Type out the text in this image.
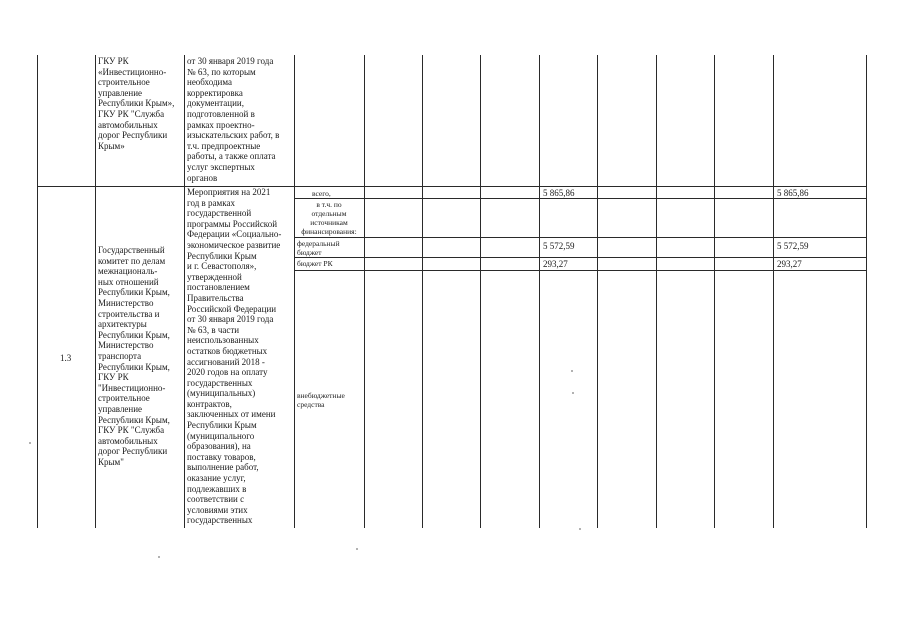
ГКУ РК
«Инвестиционно-
строительное
управление
Республики Крым»,
ГКУ РК "Служба
автомобильных
дорог Республики
Крым»
от 30 января 2019 года
№ 63, по которым
необходима
корректировка
документации,
подготовленной в
рамках проектно-
изыскательских работ, в
т.ч. предпроектные
работы, а также оплата
услуг экспертных
органов
1.3
Государственный
комитет по делам
межнациональ-
ных отношений
Республики Крым,
Министерство
строительства и
архитектуры
Республики Крым,
Министерство
транспорта
Республики Крым,
ГКУ РК
"Инвестиционно-
строительное
управление
Республики Крым,
ГКУ РК "Служба
автомобильных
дорог Республики
Крым"
Мероприятия на 2021
год в рамках
государственной
программы Российской
Федерации «Социально-
экономическое развитие
Республики Крым
и г. Севастополя»,
утвержденной
постановлением
Правительства
Российской Федерации
от 30 января 2019 года
№ 63, в части
неиспользованных
остатков бюджетных
ассигнований 2018 -
2020 годов на оплату
государственных
(муниципальных)
контрактов,
заключенных от имени
Республики Крым
(муниципального
образования), на
поставку товаров,
выполнение работ,
оказание услуг,
подлежавших в
соответствии с
условиями этих
государственных
всего,
в т.ч. по
отдельным
источникам
финансирования:
федеральный
бюджет
бюджет РК
внебюджетные
средства
5 865,86
5 572,59
293,27
5 865,86
5 572,59
293,27
